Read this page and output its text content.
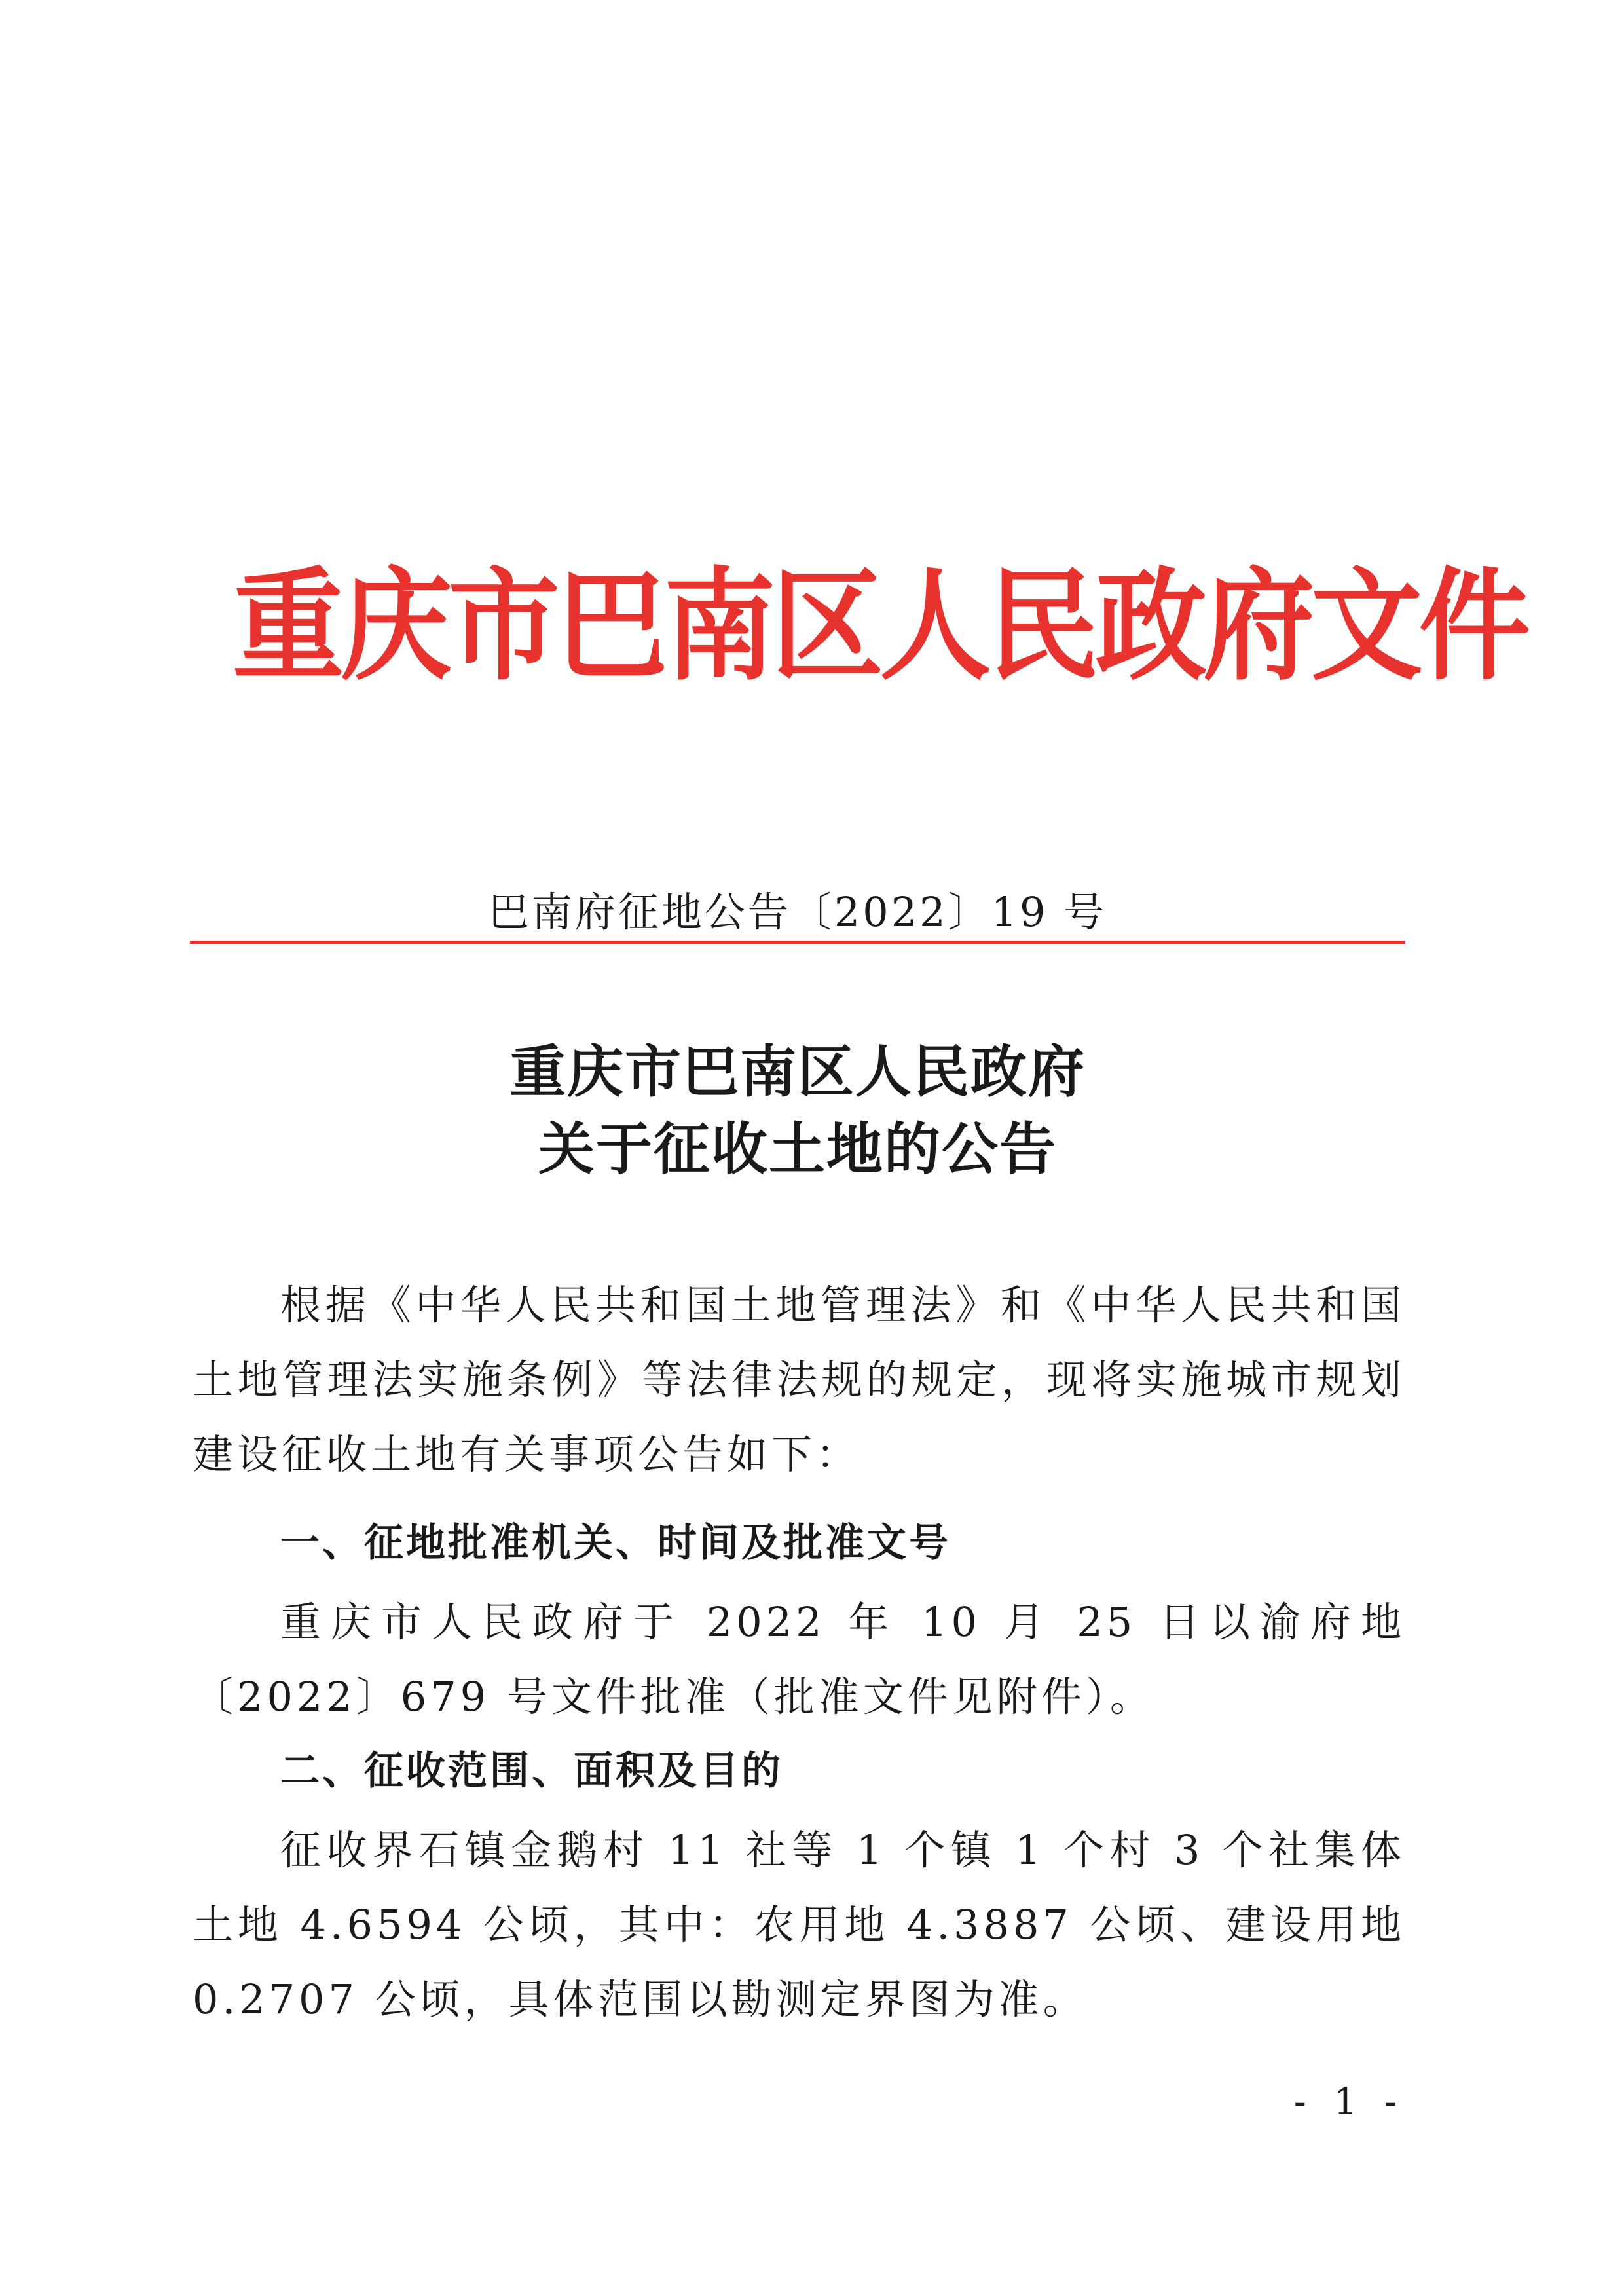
重庆市巴南区人民政府文件
巴南府征地公告〔2022〕19 号
重庆市巴南区人民政府
关于征收土地的公告

根据《中华人民共和国土地管理法》和《中华人民共和国土地管理法实施条例》等法律法规的规定，现将实施城市规划建设征收土地有关事项公告如下：

一、征地批准机关、时间及批准文号

重庆市人民政府于 2022 年 10 月 25 日以渝府地〔2022〕679 号文件批准（批准文件见附件）。

二、征收范围、面积及目的

征收界石镇金鹅村 11 社等 1 个镇 1 个村 3 个社集体土地 4.6594 公顷，其中：农用地 4.3887 公顷、建设用地 0.2707 公顷，具体范围以勘测定界图为准。

- 1 -
